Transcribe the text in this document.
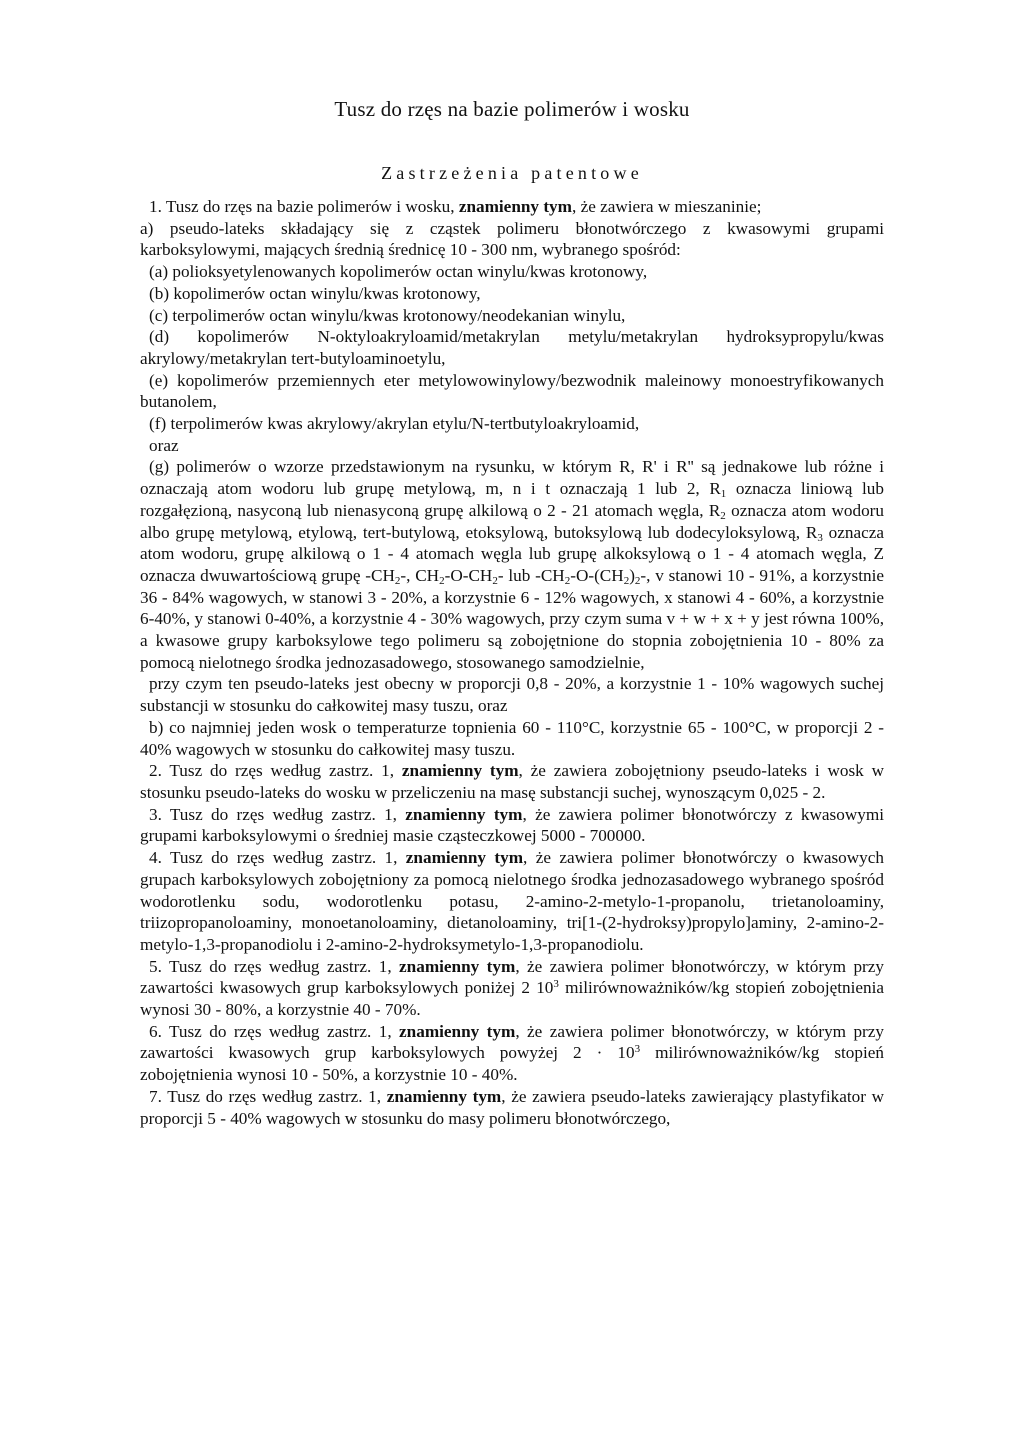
Tusz do rzęs na bazie polimerów i wosku
Zastrzeżenia patentowe

1. Tusz do rzęs na bazie polimerów i wosku, znamienny tym, że zawiera w mieszaninie;

a) pseudo-lateks składający się z cząstek polimeru błonotwórczego z kwasowymi grupami karboksylowymi, mających średnią średnicę 10 - 300 nm, wybranego spośród:

(a) polioksyetylenowanych kopolimerów octan winylu/kwas krotonowy,

(b) kopolimerów octan winylu/kwas krotonowy,

(c) terpolimerów octan winylu/kwas krotonowy/neodekanian winylu,

(d) kopolimerów N-oktyloakryloamid/metakrylan metylu/metakrylan hydroksypropylu/kwas akrylowy/metakrylan tert-butyloaminoetylu,

(e) kopolimerów przemiennych eter metylowowinylowy/bezwodnik maleinowy monoestryfikowanych butanolem,

(f) terpolimerów kwas akrylowy/akrylan etylu/N-tertbutyloakryloamid,

oraz

(g) polimerów o wzorze przedstawionym na rysunku, w którym R, R' i R'' są jednakowe lub różne i oznaczają atom wodoru lub grupę metylową, m, n i t oznaczają 1 lub 2, $R_1$ oznacza liniową lub rozgałęzioną, nasyconą lub nienasyconą grupę alkilową o 2 - 21 atomach węgla, $R_2$ oznacza atom wodoru albo grupę metylową, etylową, tert-butylową, etoksylową, butoksylową lub dodecyloksylową, $R_3$ oznacza atom wodoru, grupę alkilową o 1 - 4 atomach węgla lub grupę alkoksylową o 1 - 4 atomach węgla, Z oznacza dwuwartościową grupę $-CH_2-$, $CH_2-O-CH_2-$ lub $-CH_2-O-(CH_2)_2-$, v stanowi 10 - 91%, a korzystnie 36 - 84% wagowych, w stanowi 3 - 20%, a korzystnie 6 - 12% wagowych, x stanowi 4 - 60%, a korzystnie 6-40%, y stanowi 0-40%, a korzystnie 4 - 30% wagowych, przy czym suma v + w + x + y jest równa 100%, a kwasowe grupy karboksylowe tego polimeru są zobojętnione do stopnia zobojętnienia 10 - 80% za pomocą nielotnego środka jednozasadowego, stosowanego samodzielnie,

przy czym ten pseudo-lateks jest obecny w proporcji 0,8 - 20%, a korzystnie 1 - 10% wagowych suchej substancji w stosunku do całkowitej masy tuszu, oraz

b) co najmniej jeden wosk o temperaturze topnienia 60 - 110°C, korzystnie 65 - 100°C, w proporcji 2 - 40% wagowych w stosunku do całkowitej masy tuszu.

2. Tusz do rzęs według zastrz. 1, znamienny tym, że zawiera zobojętniony pseudo-lateks i wosk w stosunku pseudo-lateks do wosku w przeliczeniu na masę substancji suchej, wynoszącym 0,025 - 2.

3. Tusz do rzęs według zastrz. 1, znamienny tym, że zawiera polimer błonotwórczy z kwasowymi grupami karboksylowymi o średniej masie cząsteczkowej 5000 - 700000.

4. Tusz do rzęs według zastrz. 1, znamienny tym, że zawiera polimer błonotwórczy o kwasowych grupach karboksylowych zobojętniony za pomocą nielotnego środka jednozasadowego wybranego spośród wodorotlenku sodu, wodorotlenku potasu, 2-amino-2-metylo-1-propanolu, trietanoloaminy, triizopropanoloaminy, monoetanoloaminy, dietanoloaminy, tri[1-(2-hydroksy)propylo]aminy, 2-amino-2-metylo-1,3-propanodiolu i 2-amino-2-hydroksymetylo-1,3-propanodiolu.

5. Tusz do rzęs według zastrz. 1, znamienny tym, że zawiera polimer błonotwórczy, w którym przy zawartości kwasowych grup karboksylowych poniżej 2 $10^3$ milirównoważników/kg stopień zobojętnienia wynosi 30 - 80%, a korzystnie 40 - 70%.

6. Tusz do rzęs według zastrz. 1, znamienny tym, że zawiera polimer błonotwórczy, w którym przy zawartości kwasowych grup karboksylowych powyżej $2 \cdot 10^3$ milirównoważników/kg stopień zobojętnienia wynosi 10 - 50%, a korzystnie 10 - 40%.

7. Tusz do rzęs według zastrz. 1, znamienny tym, że zawiera pseudo-lateks zawierający plastyfikator w proporcji 5 - 40% wagowych w stosunku do masy polimeru błonotwórczego,
